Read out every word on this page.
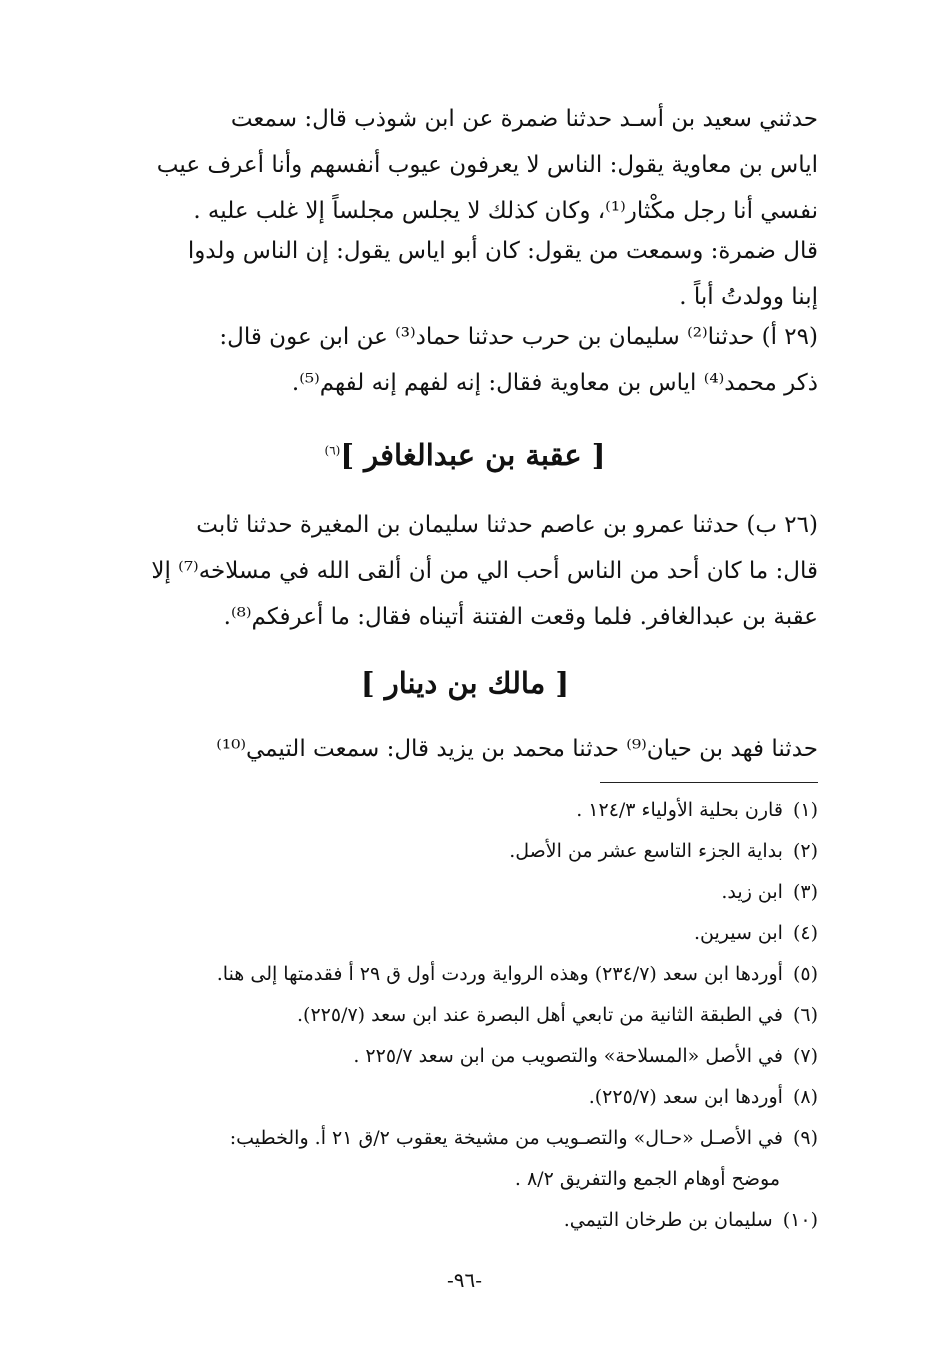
حدثني سعيد بن أسـد حدثنا ضمرة عن ابن شوذب قال: سمعت
اياس بن معاوية يقول: الناس لا يعرفون عيوب أنفسهم وأنا أعرف عيب
نفسي أنا رجل مكْثار⁽¹⁾، وكان كذلك لا يجلس مجلساً إلا غلب عليه .
قال ضمرة: وسمعت من يقول: كان أبو اياس يقول: إن الناس ولدوا
إبنا وولدتُ أباً .
(٢٩ أ) حدثنا⁽²⁾ سليمان بن حرب حدثنا حماد⁽³⁾ عن ابن عون قال:
ذكر محمد⁽⁴⁾ اياس بن معاوية فقال: إنه لفهم إنه لفهم⁽⁵⁾.
[ عقبة بن عبدالغافر ]$^{(٦)}$
(٢٦ ب) حدثنا عمرو بن عاصم حدثنا سليمان بن المغيرة حدثنا ثابت
قال: ما كان أحد من الناس أحب الي من أن ألقى الله في مسلاخه⁽⁷⁾ إلا
عقبة بن عبدالغافر. فلما وقعت الفتنة أتيناه فقال: ما أعرفكم⁽⁸⁾.
[ مالك بن دينار ]
حدثنا فهد بن حيان⁽⁹⁾ حدثنا محمد بن يزيد قال: سمعت التيمي⁽¹⁰⁾
(١)
قارن بحلية الأولياء ١٢٤/٣ .
(٢)
بداية الجزء التاسع عشر من الأصل.
(٣)
ابن زيد.
(٤)
ابن سيرين.
(٥)
أوردها ابن سعد (٢٣٤/٧) وهذه الرواية وردت أول ق ٢٩ أ فقدمتها إلى هنا.
(٦)
في الطبقة الثانية من تابعي أهل البصرة عند ابن سعد (٢٢٥/٧).
(٧)
في الأصل «المسلاحة» والتصويب من ابن سعد ٢٢٥/٧ .
(٨)
أوردها ابن سعد (٢٢٥/٧).
(٩)
في الأصـل «حـال» والتصـويب من مشيخة يعقوب ٢/ق ٢١ أ. والخطيب:
موضح أوهام الجمع والتفريق ٨/٢ .
(١٠)
سليمان بن طرخان التيمي.
-٩٦-
